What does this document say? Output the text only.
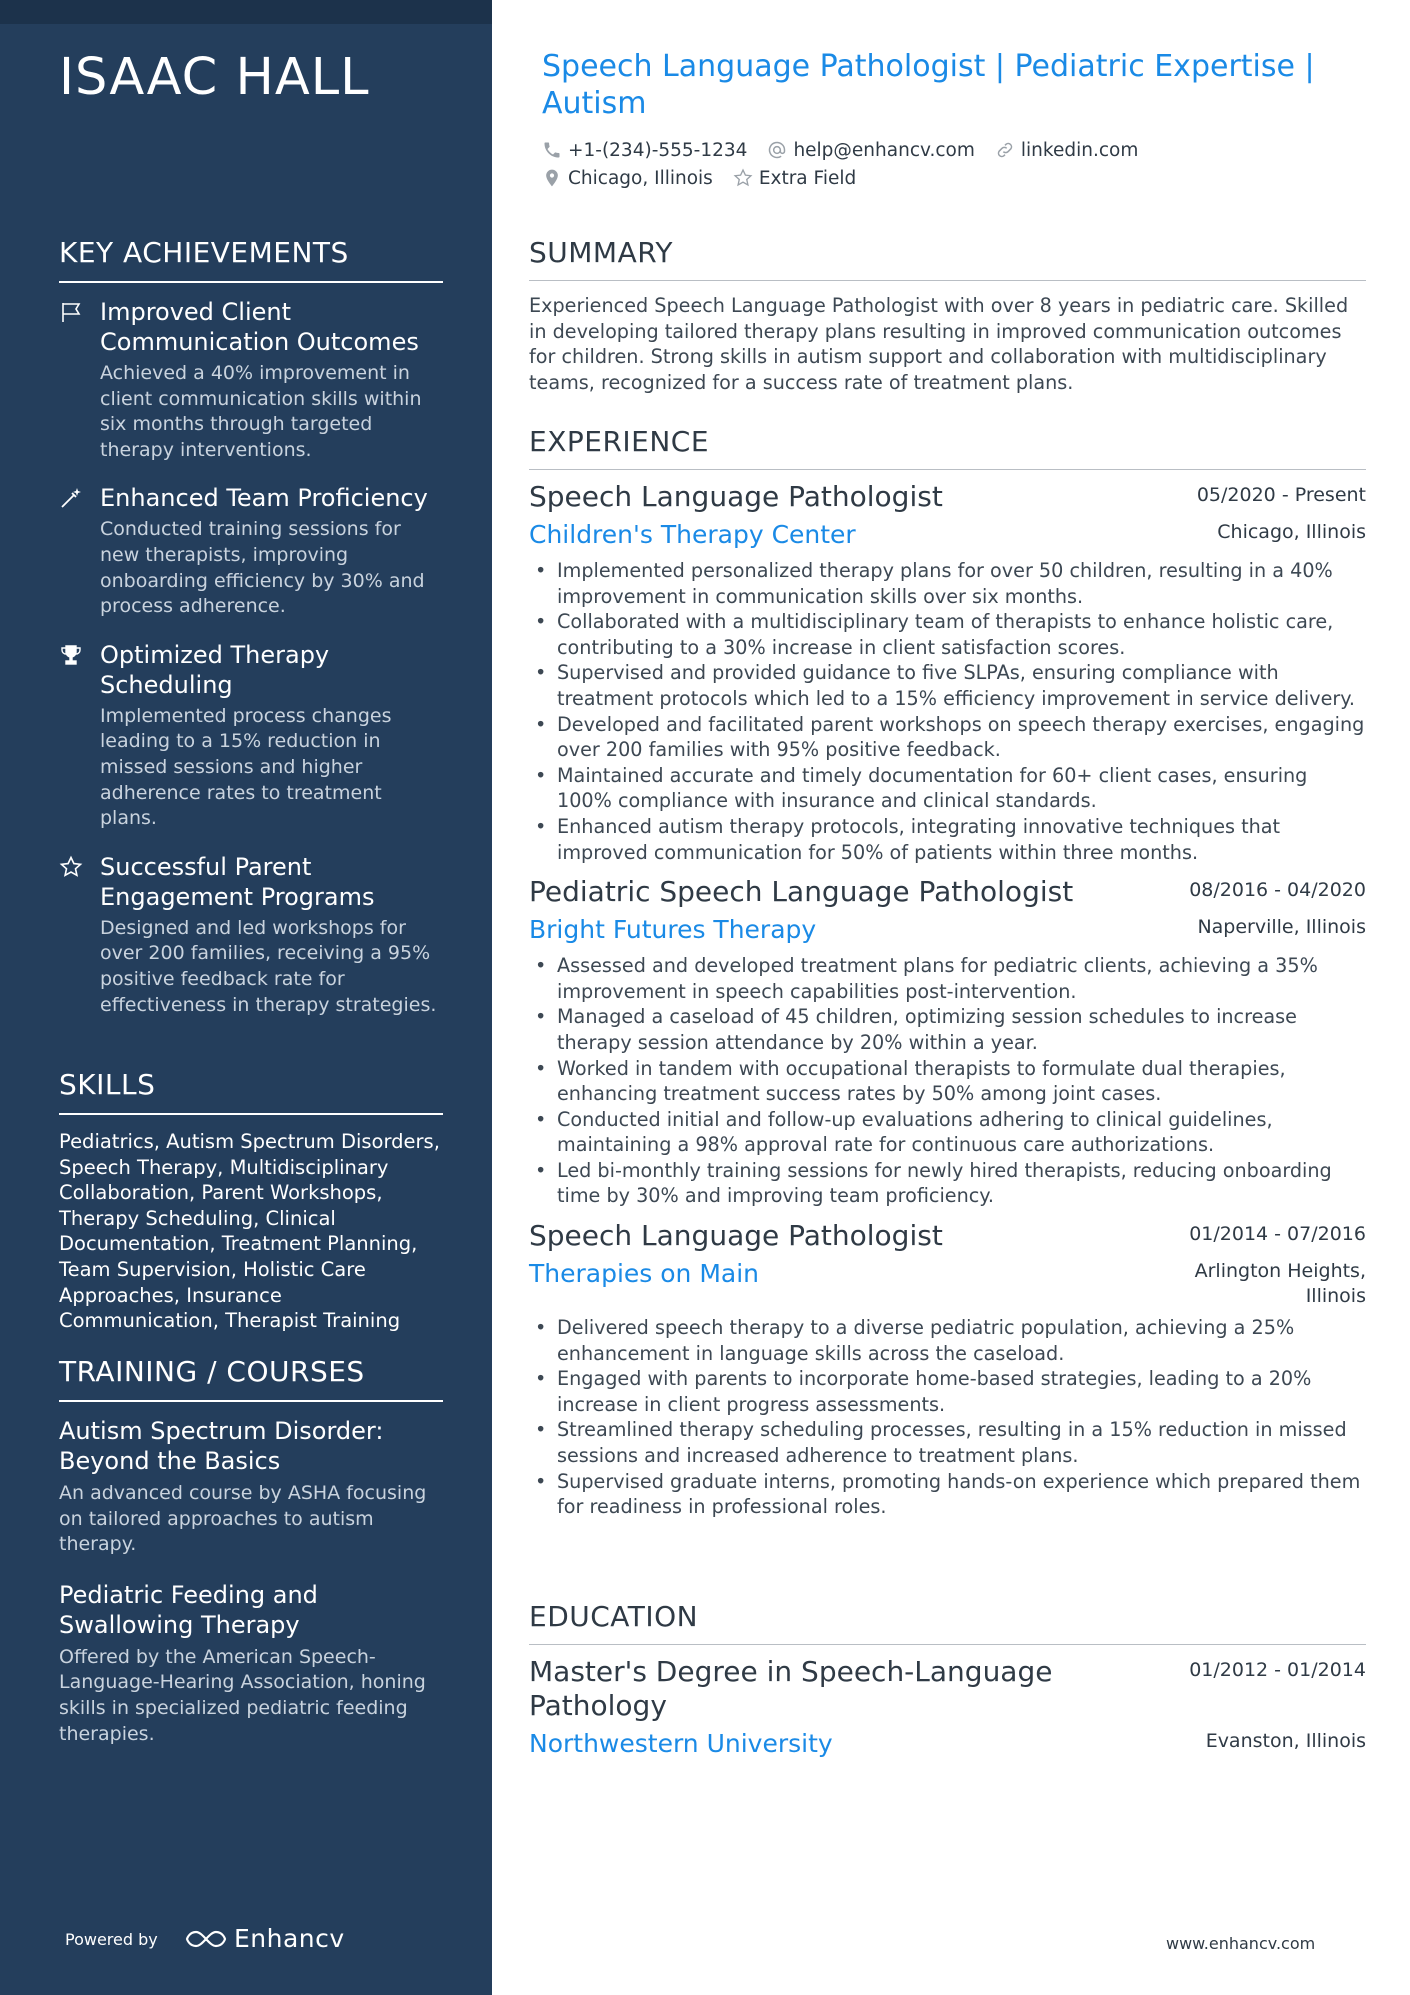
ISAAC HALL
KEY ACHIEVEMENTS
Improved Client Communication Outcomes
Achieved a 40% improvement in client communication skills within six months through targeted therapy interventions.
Enhanced Team Proficiency
Conducted training sessions for new therapists, improving onboarding efficiency by 30% and process adherence.
Optimized Therapy Scheduling
Implemented process changes leading to a 15% reduction in missed sessions and higher adherence rates to treatment plans.
Successful Parent Engagement Programs
Designed and led workshops for over 200 families, receiving a 95% positive feedback rate for effectiveness in therapy strategies.
SKILLS
Pediatrics, Autism Spectrum Disorders, Speech Therapy, Multidisciplinary Collaboration, Parent Workshops, Therapy Scheduling, Clinical Documentation, Treatment Planning, Team Supervision, Holistic Care Approaches, Insurance Communication, Therapist Training
TRAINING / COURSES
Autism Spectrum Disorder: Beyond the Basics
An advanced course by ASHA focusing on tailored approaches to autism therapy.
Pediatric Feeding and Swallowing Therapy
Offered by the American Speech-Language-Hearing Association, honing skills in specialized pediatric feeding therapies.
Powered by	Enhancv
Speech Language Pathologist | Pediatric Expertise | Autism
+1-(234)-555-1234 help@enhancv.com linkedin.com
Chicago, Illinois Extra Field
SUMMARY
Experienced Speech Language Pathologist with over 8 years in pediatric care. Skilled in developing tailored therapy plans resulting in improved communication outcomes for children. Strong skills in autism support and collaboration with multidisciplinary teams, recognized for a success rate of treatment plans.
EXPERIENCE
Speech Language Pathologist	05/2020 - Present
Children's Therapy Center	Chicago, Illinois
• Implemented personalized therapy plans for over 50 children, resulting in a 40% improvement in communication skills over six months.
• Collaborated with a multidisciplinary team of therapists to enhance holistic care, contributing to a 30% increase in client satisfaction scores.
• Supervised and provided guidance to five SLPAs, ensuring compliance with treatment protocols which led to a 15% efficiency improvement in service delivery.
• Developed and facilitated parent workshops on speech therapy exercises, engaging over 200 families with 95% positive feedback.
• Maintained accurate and timely documentation for 60+ client cases, ensuring 100% compliance with insurance and clinical standards.
• Enhanced autism therapy protocols, integrating innovative techniques that improved communication for 50% of patients within three months.
Pediatric Speech Language Pathologist	08/2016 - 04/2020
Bright Futures Therapy	Naperville, Illinois
• Assessed and developed treatment plans for pediatric clients, achieving a 35% improvement in speech capabilities post-intervention.
• Managed a caseload of 45 children, optimizing session schedules to increase therapy session attendance by 20% within a year.
• Worked in tandem with occupational therapists to formulate dual therapies, enhancing treatment success rates by 50% among joint cases.
• Conducted initial and follow-up evaluations adhering to clinical guidelines, maintaining a 98% approval rate for continuous care authorizations.
• Led bi-monthly training sessions for newly hired therapists, reducing onboarding time by 30% and improving team proficiency.
Speech Language Pathologist	01/2014 - 07/2016
Therapies on Main	Arlington Heights, Illinois
• Delivered speech therapy to a diverse pediatric population, achieving a 25% enhancement in language skills across the caseload.
• Engaged with parents to incorporate home-based strategies, leading to a 20% increase in client progress assessments.
• Streamlined therapy scheduling processes, resulting in a 15% reduction in missed sessions and increased adherence to treatment plans.
• Supervised graduate interns, promoting hands-on experience which prepared them for readiness in professional roles.
EDUCATION
Master's Degree in Speech-Language Pathology
01/2012 - 01/2014
Northwestern University	Evanston, Illinois
www.enhancv.com
